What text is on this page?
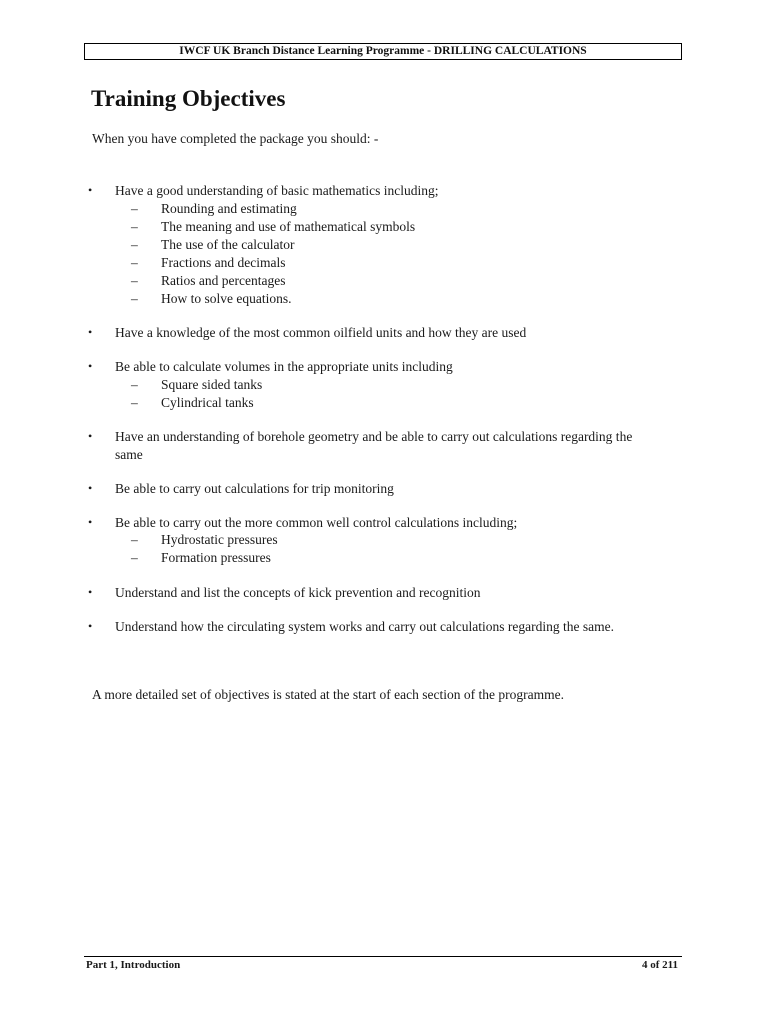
IWCF UK Branch Distance Learning Programme - DRILLING CALCULATIONS
Training Objectives

When you have completed the package you should: -

• Have a good understanding of basic mathematics including;
– Rounding and estimating
– The meaning and use of mathematical symbols
– The use of the calculator
– Fractions and decimals
– Ratios and percentages
– How to solve equations.
• Have a knowledge of the most common oilfield units and how they are used
• Be able to calculate volumes in the appropriate units including
– Square sided tanks
– Cylindrical tanks
• Have an understanding of borehole geometry and be able to carry out calculations regarding the same
• Be able to carry out calculations for trip monitoring
• Be able to carry out the more common well control calculations including;
– Hydrostatic pressures
– Formation pressures
• Understand and list the concepts of kick prevention and recognition
• Understand how the circulating system works and carry out calculations regarding the same.

A more detailed set of objectives is stated at the start of each section of the programme.

Part 1, Introduction	4 of 211
